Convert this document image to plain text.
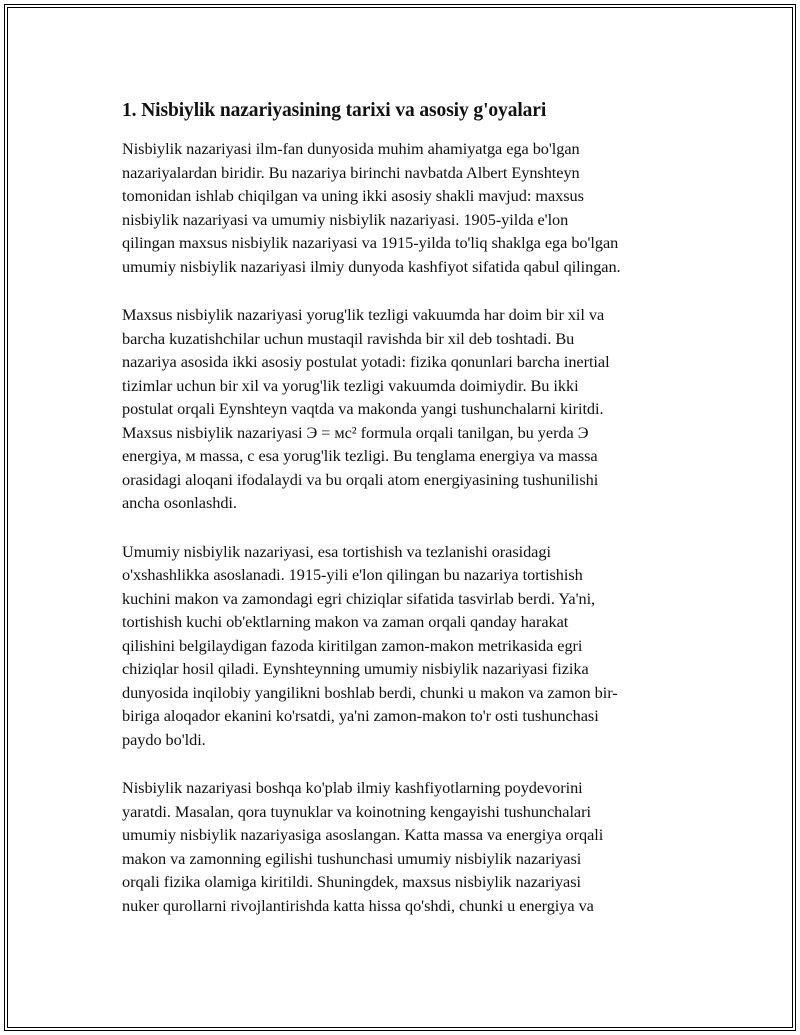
1. Nisbiylik nazariyasining tarixi va asosiy g'oyalari

Nisbiylik nazariyasi ilm-fan dunyosida muhim ahamiyatga ega bo'lgan
nazariyalardan biridir. Bu nazariya birinchi navbatda Albert Eynshteyn
tomonidan ishlab chiqilgan va uning ikki asosiy shakli mavjud: maxsus
nisbiylik nazariyasi va umumiy nisbiylik nazariyasi. 1905-yilda e'lon
qilingan maxsus nisbiylik nazariyasi va 1915-yilda to'liq shaklga ega bo'lgan
umumiy nisbiylik nazariyasi ilmiy dunyoda kashfiyot sifatida qabul qilingan.

Maxsus nisbiylik nazariyasi yorug'lik tezligi vakuumda har doim bir xil va
barcha kuzatishchilar uchun mustaqil ravishda bir xil deb toshtadi. Bu
nazariya asosida ikki asosiy postulat yotadi: fizika qonunlari barcha inertial
tizimlar uchun bir xil va yorug'lik tezligi vakuumda doimiydir. Bu ikki
postulat orqali Eynshteyn vaqtda va makonda yangi tushunchalarni kiritdi.
Maxsus nisbiylik nazariyasi Э = мс² formula orqali tanilgan, bu yerda Э
energiya, м massa, c esa yorug'lik tezligi. Bu tenglama energiya va massa
orasidagi aloqani ifodalaydi va bu orqali atom energiyasining tushunilishi
ancha osonlashdi.

Umumiy nisbiylik nazariyasi, esa tortishish va tezlanishi orasidagi
o'xshashlikka asoslanadi. 1915-yili e'lon qilingan bu nazariya tortishish
kuchini makon va zamondagi egri chiziqlar sifatida tasvirlab berdi. Ya'ni,
tortishish kuchi ob'ektlarning makon va zaman orqali qanday harakat
qilishini belgilaydigan fazoda kiritilgan zamon-makon metrikasida egri
chiziqlar hosil qiladi. Eynshteynning umumiy nisbiylik nazariyasi fizika
dunyosida inqilobiy yangilikni boshlab berdi, chunki u makon va zamon bir-
biriga aloqador ekanini ko'rsatdi, ya'ni zamon-makon to'r osti tushunchasi
paydo bo'ldi.

Nisbiylik nazariyasi boshqa ko'plab ilmiy kashfiyotlarning poydevorini
yaratdi. Masalan, qora tuynuklar va koinotning kengayishi tushunchalari
umumiy nisbiylik nazariyasiga asoslangan. Katta massa va energiya orqali
makon va zamonning egilishi tushunchasi umumiy nisbiylik nazariyasi
orqali fizika olamiga kiritildi. Shuningdek, maxsus nisbiylik nazariyasi
nuker qurollarni rivojlantirishda katta hissa qo'shdi, chunki u energiya va
